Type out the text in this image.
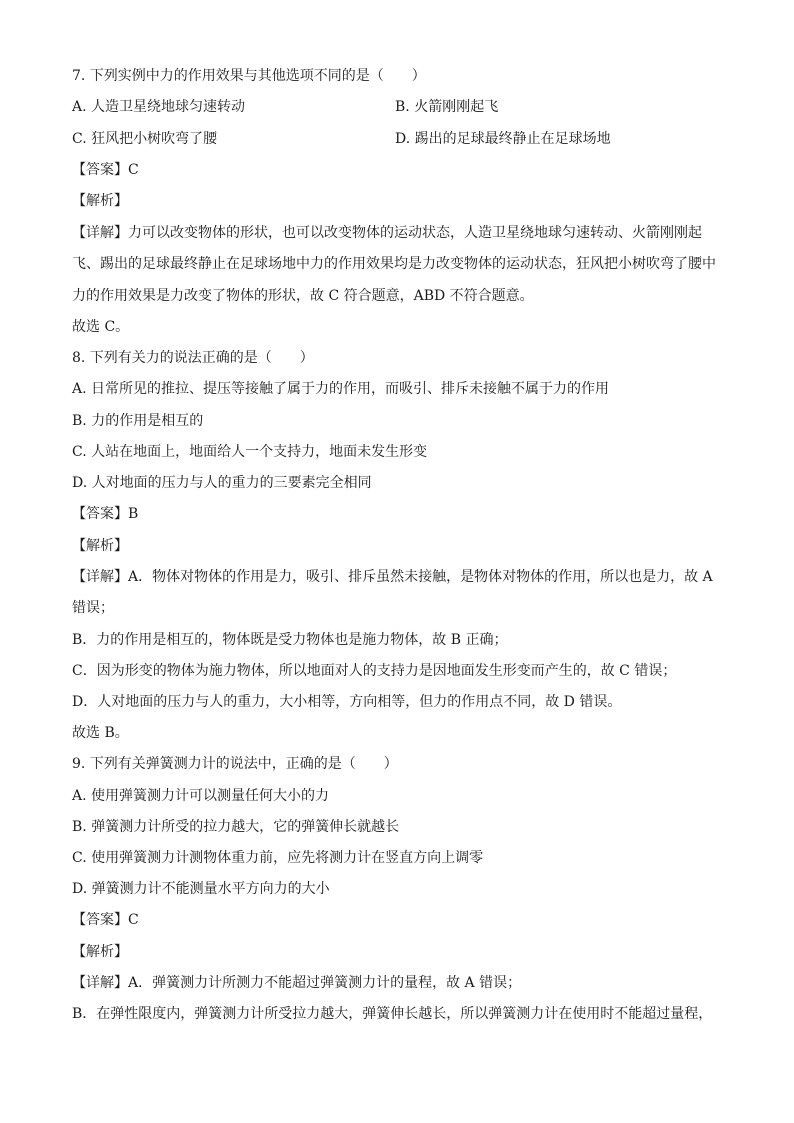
7. 下列实例中力的作用效果与其他选项不同的是（　　）
A. 人造卫星绕地球匀速转动	B. 火箭刚刚起飞
C. 狂风把小树吹弯了腰	D. 踢出的足球最终静止在足球场地
【答案】C
【解析】
【详解】力可以改变物体的形状，也可以改变物体的运动状态，人造卫星绕地球匀速转动、火箭刚刚起
飞、踢出的足球最终静止在足球场地中力的作用效果均是力改变物体的运动状态，狂风把小树吹弯了腰中
力的作用效果是力改变了物体的形状，故 C 符合题意，ABD 不符合题意。
故选 C。
8. 下列有关力的说法正确的是（　　）
A. 日常所见的推拉、提压等接触了属于力的作用，而吸引、排斥未接触不属于力的作用
B. 力的作用是相互的
C. 人站在地面上，地面给人一个支持力，地面未发生形变
D. 人对地面的压力与人的重力的三要素完全相同
【答案】B
【解析】
【详解】A．物体对物体的作用是力，吸引、排斥虽然未接触，是物体对物体的作用，所以也是力，故 A
错误；
B．力的作用是相互的，物体既是受力物体也是施力物体，故 B 正确；
C．因为形变的物体为施力物体，所以地面对人的支持力是因地面发生形变而产生的，故 C 错误；
D．人对地面的压力与人的重力，大小相等，方向相等，但力的作用点不同，故 D 错误。
故选 B。
9. 下列有关弹簧测力计的说法中，正确的是（　　）
A. 使用弹簧测力计可以测量任何大小的力
B. 弹簧测力计所受的拉力越大，它的弹簧伸长就越长
C. 使用弹簧测力计测物体重力前，应先将测力计在竖直方向上调零
D. 弹簧测力计不能测量水平方向力的大小
【答案】C
【解析】
【详解】A．弹簧测力计所测力不能超过弹簧测力计的量程，故 A 错误；
B．在弹性限度内，弹簧测力计所受拉力越大，弹簧伸长越长，所以弹簧测力计在使用时不能超过量程，
